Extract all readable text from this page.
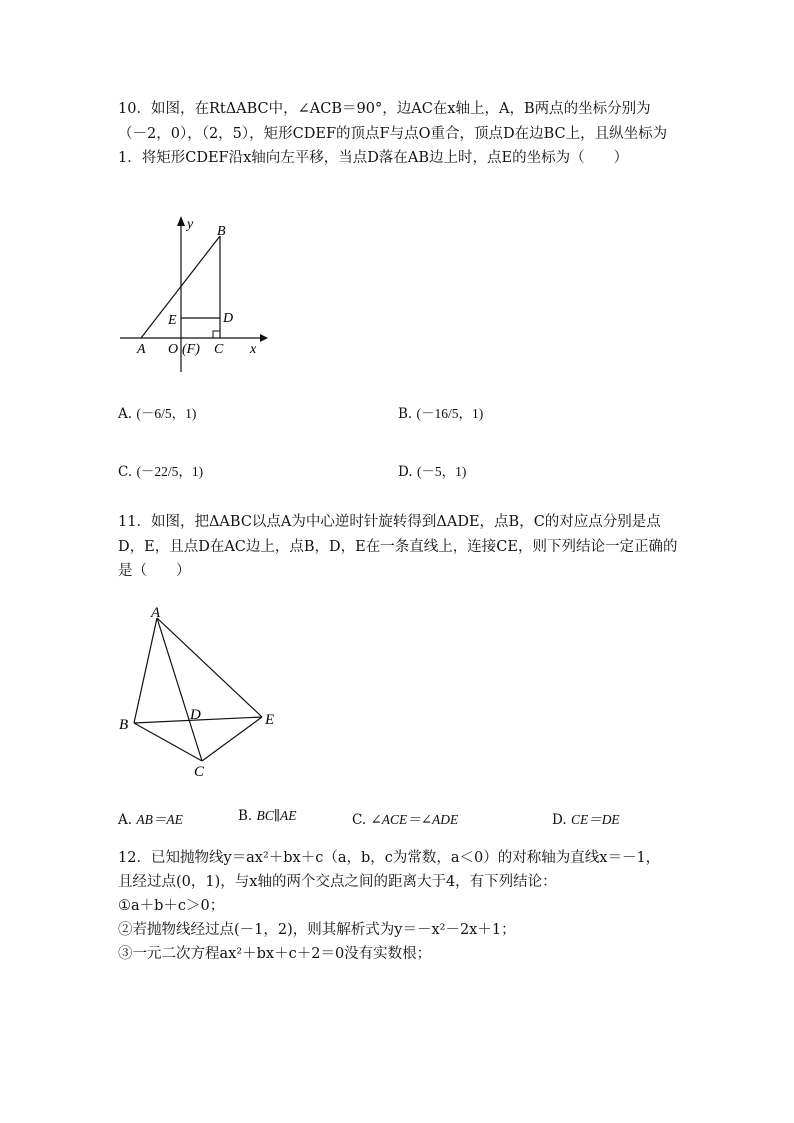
10．如图，在RtΔABC中，∠ACB＝90°，边AC在x轴上，A，B两点的坐标分别为（－2，0），（2，5），矩形CDEF的顶点F与点O重合，顶点D在边BC上，且纵坐标为1．将矩形CDEF沿x轴向左平移，当点D落在AB边上时，点E的坐标为（　　）
y B
E	D
A O (F) C x
A. (－6/5，1)	B. (－16/5，1)
C. (－22/5，1)	D. (－5，1)
11．如图，把ΔABC以点A为中心逆时针旋转得到ΔADE，点B，C的对应点分别是点D，E，且点D在AC边上，点B，D，E在一条直线上，连接CE，则下列结论一定正确的是（　　）
A
B
D	E
C
A. AB＝AE	B. BC∥AE	C. ∠ACE＝∠ADE	D. CE＝DE
12．已知抛物线y＝ax²＋bx＋c（a，b，c为常数，a＜0）的对称轴为直线x＝－1，
且经过点(0，1)，与x轴的两个交点之间的距离大于4，有下列结论：
①a＋b＋c＞0；
②若抛物线经过点(－1，2)，则其解析式为y＝－x²－2x＋1；
③一元二次方程ax²＋bx＋c＋2＝0没有实数根；
